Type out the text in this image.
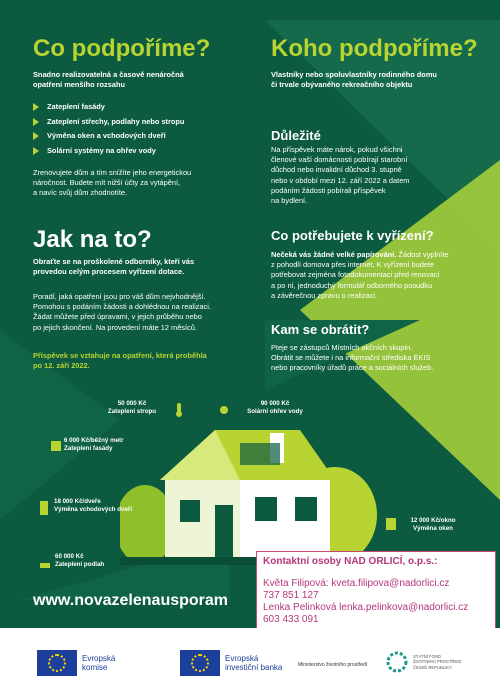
Co podpoříme?
Snadno realizovatelná a časově nenáročná
opatření menšího rozsahu
Zateplení fasády
Zateplení střechy, podlahy nebo stropu
Výměna oken a vchodových dveří
Solární systémy na ohřev vody
Zrenovujete dům a tím snížíte jeho energetickou
náročnost. Budete mít nižší účty za vytápění,
a navíc svůj dům zhodnotíte.
Jak na to?
Obraťte se na proškolené odborníky, kteří vás
provedou celým procesem vyřízení dotace.
Poradí, jaká opatření jsou pro váš dům nejvhodnější.
Pomohou s podáním žádosti a dohlédnou na realizaci.
Žádat můžete před úpravami, v jejich průběhu nebo
po jejich skončení. Na provedení máte 12 měsíců.
Příspěvek se vztahuje na opatření, která proběhla
po 12. září 2022.
Koho podpoříme?
Vlastníky nebo spoluvlastníky rodinného domu
či trvale obývaného rekreačního objektu
Důležité
Na příspěvek máte nárok, pokud všichni
členové vaší domácnosti pobírají starobní
důchod nebo invalidní důchod 3. stupně
nebo v období mezi 12. září 2022 a datem
podáním žádosti pobírali příspěvek
na bydlení.
Co potřebujete k vyřízení?
Nečeká vás žádné velké papírování. Žádost vyplníte
z pohodlí domova přes internet. K vyřízení budete
potřebovat zejména fotodokumentaci před renovací
a po ní, jednoduchý formulář odborného posudku
a závěrečnou zprávu o realizaci.
Kam se obrátit?
Pteje se zástupců Místních akčních skupin.
Obrátit se můžete i na informační střediska EKIS
nebo pracovníky úřadů práce a sociálních služeb.
50 000 Kč
Zateplení stropu
90 000 Kč
Solární ohřev vody
6 000 Kč/běžný metr
Zateplení fasády
120 000 Kč
Zateplení střechy
18 000 Kč/dveře
Výměna vchodových dveří
12 000 Kč/okno
Výměna oken
60 000 Kč
Zateplení podlah
www.novazelenausporam
Kontaktní osoby NAD ORLICÍ, o.p.s.:
Květa Filipová: kveta.filipova@nadorlici.cz
737 851 127
Lenka Pelinková lenka.pelinkova@nadorlici.cz
603 433 091
Evropská
komise
Evropská
investiční banka	Ministerstvo životního prostředí
STÁTNÍ FOND
ŽIVOTNÍHO PROSTŘEDÍ
ČESKÉ REPUBLIKY
